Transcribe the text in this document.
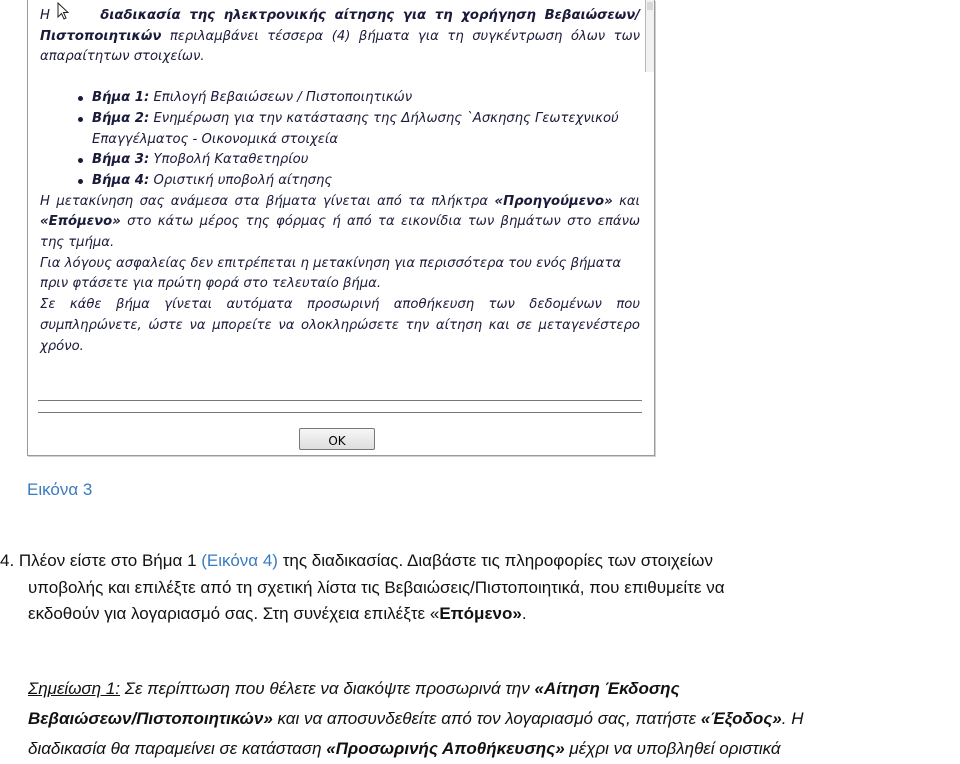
Η	διαδικασία της ηλεκτρονικής αίτησης για τη χορήγηση Βεβαιώσεων/Πιστοποιητικών περιλαμβάνει τέσσερα (4) βήματα για τη συγκέντρωση όλων των απαραίτητων στοιχείων.

Βήμα 1: Επιλογή Βεβαιώσεων / Πιστοποιητικών
Βήμα 2: Ενημέρωση για την κατάστασης της Δήλωσης `Ασκησης Γεωτεχνικού Επαγγέλματος - Οικονομικά στοιχεία
Βήμα 3: Υποβολή Καταθετηρίου
Βήμα 4: Οριστική υποβολή αίτησης

Η μετακίνηση σας ανάμεσα στα βήματα γίνεται από τα πλήκτρα «Προηγούμενο» και «Επόμενο» στο κάτω μέρος της φόρμας ή από τα εικονίδια των βημάτων στο επάνω της τμήμα.

Για λόγους ασφαλείας δεν επιτρέπεται η μετακίνηση για περισσότερα του ενός βήματα πριν φτάσετε για πρώτη φορά στο τελευταίο βήμα.

Σε κάθε βήμα γίνεται αυτόματα προσωρινή αποθήκευση των δεδομένων που συμπληρώνετε, ώστε να μπορείτε να ολοκληρώσετε την αίτηση και σε μεταγενέστερο χρόνο.

OK
Εικόνα 3

4. Πλέον είστε στο Βήμα 1 (Εικόνα 4) της διαδικασίας. Διαβάστε τις πληροφορίες των στοιχείων

υποβολής και επιλέξτε από τη σχετική λίστα τις Βεβαιώσεις/Πιστοποιητικά, που επιθυμείτε να

εκδοθούν για λογαριασμό σας. Στη συνέχεια επιλέξτε «Επόμενο».

Σημείωση 1: Σε περίπτωση που θέλετε να διακόψτε προσωρινά την «Αίτηση Έκδοσης

Βεβαιώσεων/Πιστοποιητικών» και να αποσυνδεθείτε από τον λογαριασμό σας, πατήστε «Έξοδος». Η

διαδικασία θα παραμείνει σε κατάσταση «Προσωρινής Αποθήκευσης» μέχρι να υποβληθεί οριστικά
